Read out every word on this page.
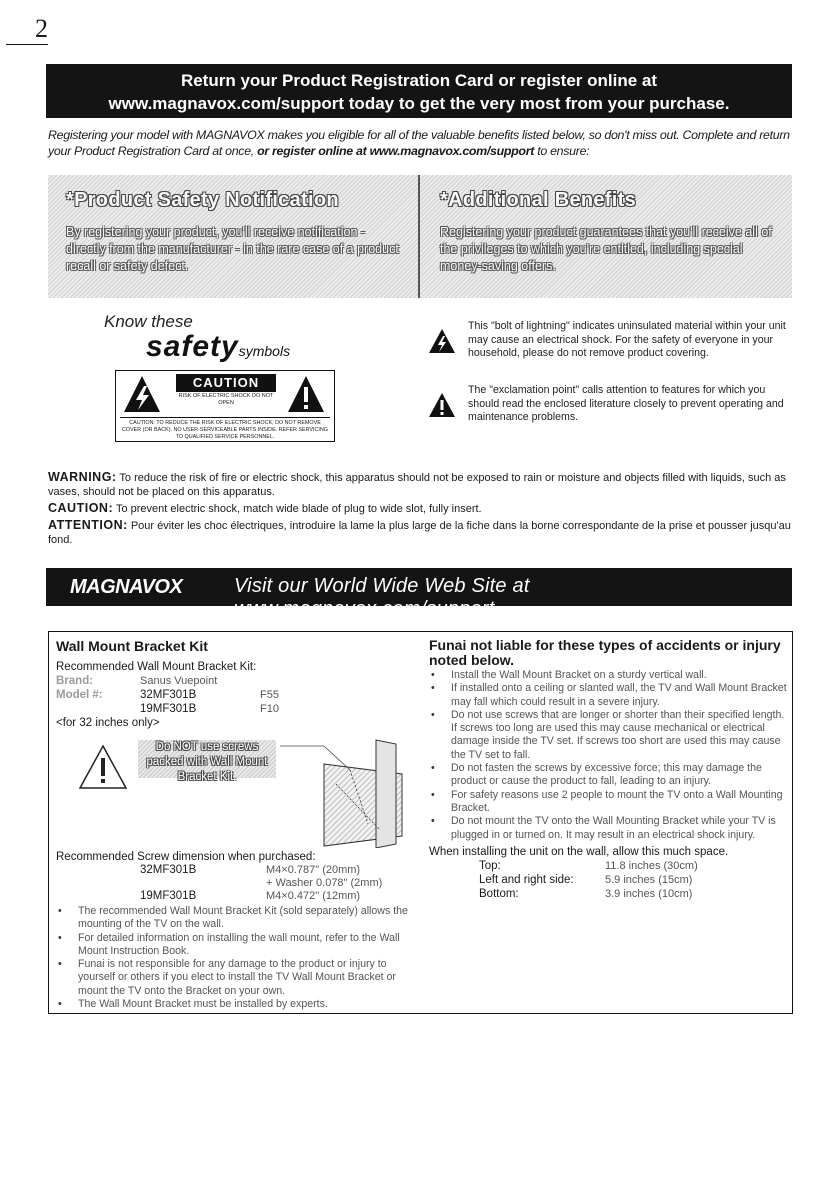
2
Return your Product Registration Card or register online at
www.magnavox.com/support today to get the very most from your purchase.
Registering your model with MAGNAVOX makes you eligible for all of the valuable benefits listed below, so don't miss out. Complete and return your Product Registration Card at once, or register online at www.magnavox.com/support to ensure:
*Product Safety Notification
By registering your product, you'll receive notification - directly from the manufacturer - in the rare case of a product recall or safety defect.
*Additional Benefits
Registering your product guarantees that you'll receive all of the privileges to which you're entitled, including special money-saving offers.
Know these
safetysymbols
CAUTION
RISK OF ELECTRIC SHOCK DO NOT OPEN
CAUTION: TO REDUCE THE RISK OF ELECTRIC SHOCK, DO NOT REMOVE COVER (OR BACK). NO USER-SERVICEABLE PARTS INSIDE. REFER SERVICING TO QUALIFIED SERVICE PERSONNEL.
This "bolt of lightning" indicates uninsulated material within your unit may cause an electrical shock. For the safety of everyone in your household, please do not remove product covering.
The "exclamation point" calls attention to features for which you should read the enclosed literature closely to prevent operating and maintenance problems.

WARNING: To reduce the risk of fire or electric shock, this apparatus should not be exposed to rain or moisture and objects filled with liquids, such as vases, should not be placed on this apparatus.

CAUTION: To prevent electric shock, match wide blade of plug to wide slot, fully insert.

ATTENTION: Pour éviter les choc électriques, introduire la lame la plus large de la fiche dans la borne correspondante de la prise et pousser jusqu'au fond.

MAGNAVOX	Visit our World Wide Web Site at www.magnavox.com/support
Wall Mount Bracket Kit
Recommended Wall Mount Bracket Kit:
Brand:	Sanus Vuepoint
Model #:	32MF301B	F55
19MF301B	F10
<for 32 inches only>
Do NOT use screws packed with Wall Mount Bracket Kit.
Recommended Screw dimension when purchased:
32MF301B	M4×0.787" (20mm)
+ Washer 0.078" (2mm)
19MF301B	M4×0.472" (12mm)
• The recommended Wall Mount Bracket Kit (sold separately) allows the mounting of the TV on the wall.
• For detailed information on installing the wall mount, refer to the Wall Mount Instruction Book.
• Funai is not responsible for any damage to the product or injury to yourself or others if you elect to install the TV Wall Mount Bracket or mount the TV onto the Bracket on your own.
• The Wall Mount Bracket must be installed by experts.
Funai not liable for these types of accidents or injury noted below.
• Install the Wall Mount Bracket on a sturdy vertical wall.
• If installed onto a ceiling or slanted wall, the TV and Wall Mount Bracket may fall which could result in a severe injury.
• Do not use screws that are longer or shorter than their specified length. If screws too long are used this may cause mechanical or electrical damage inside the TV set. If screws too short are used this may cause the TV set to fall.
• Do not fasten the screws by excessive force; this may damage the product or cause the product to fall, leading to an injury.
• For safety reasons use 2 people to mount the TV onto a Wall Mounting Bracket.
• Do not mount the TV onto the Wall Mounting Bracket while your TV is plugged in or turned on. It may result in an electrical shock injury.
When installing the unit on the wall, allow this much space.
Top:	11.8 inches (30cm)
Left and right side:	5.9 inches (15cm)
Bottom:	3.9 inches (10cm)
